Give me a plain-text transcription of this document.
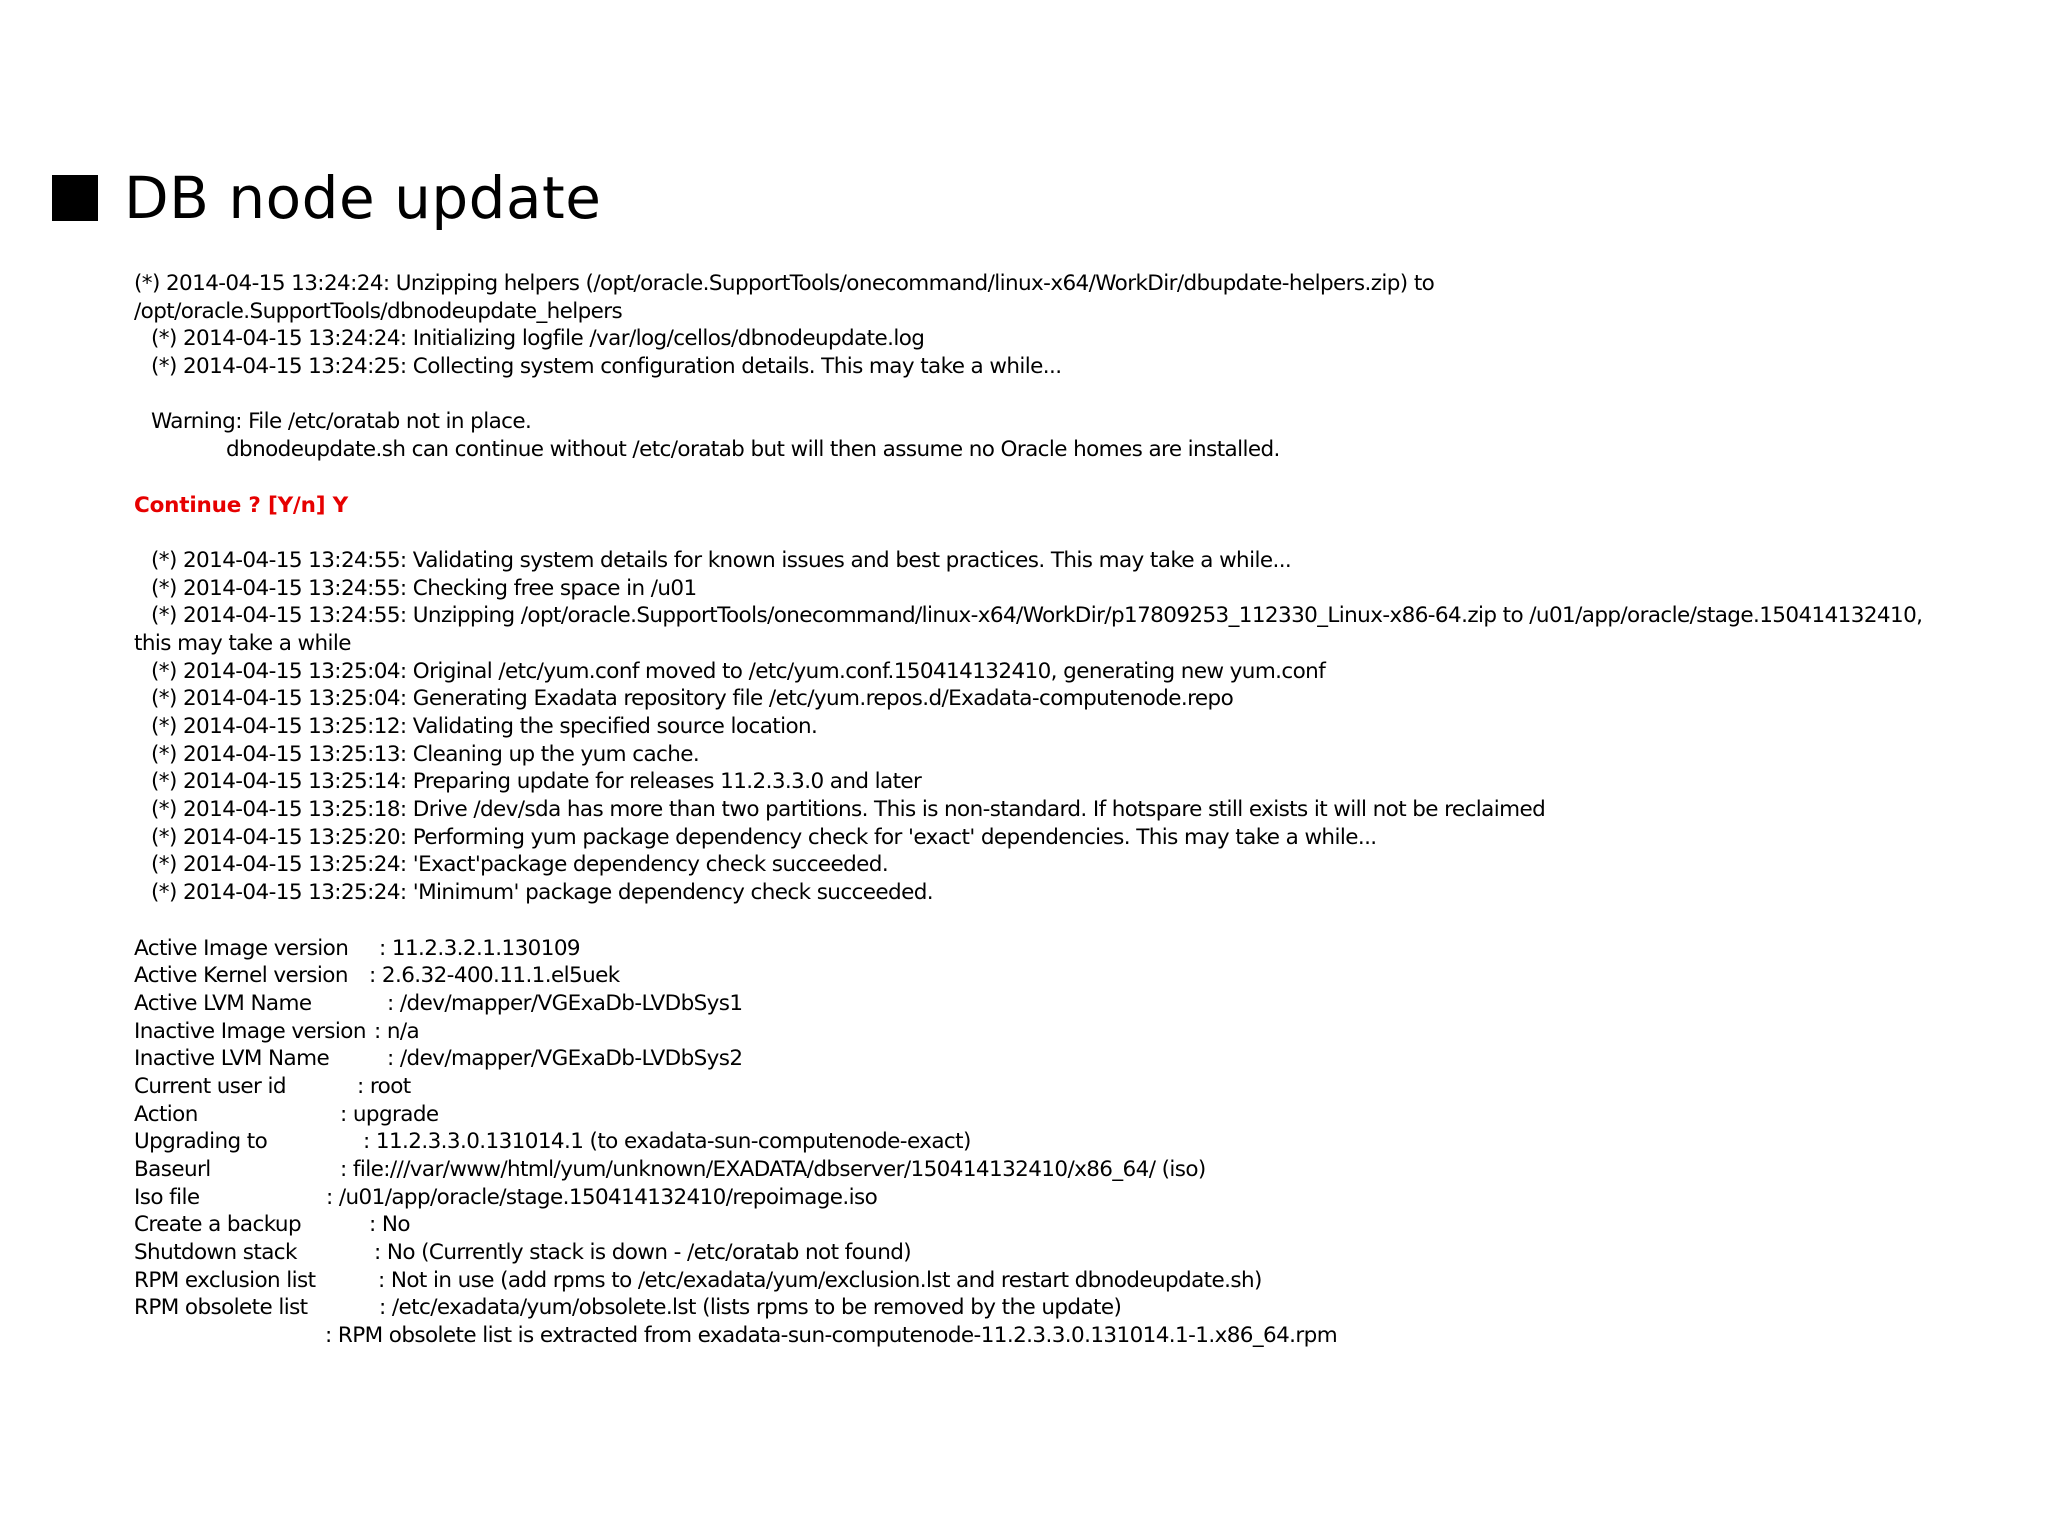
DB node update
(*) 2014-04-15 13:24:24: Unzipping helpers (/opt/oracle.SupportTools/onecommand/linux-x64/WorkDir/dbupdate-helpers.zip) to
/opt/oracle.SupportTools/dbnodeupdate_helpers
(*) 2014-04-15 13:24:24: Initializing logfile /var/log/cellos/dbnodeupdate.log
(*) 2014-04-15 13:24:25: Collecting system configuration details. This may take a while...
Warning: File /etc/oratab not in place.
dbnodeupdate.sh can continue without /etc/oratab but will then assume no Oracle homes are installed.
Continue ? [Y/n] Y
(*) 2014-04-15 13:24:55: Validating system details for known issues and best practices. This may take a while...
(*) 2014-04-15 13:24:55: Checking free space in /u01
(*) 2014-04-15 13:24:55: Unzipping /opt/oracle.SupportTools/onecommand/linux-x64/WorkDir/p17809253_112330_Linux-x86-64.zip to /u01/app/oracle/stage.150414132410,
this may take a while
(*) 2014-04-15 13:25:04: Original /etc/yum.conf moved to /etc/yum.conf.150414132410, generating new yum.conf
(*) 2014-04-15 13:25:04: Generating Exadata repository file /etc/yum.repos.d/Exadata-computenode.repo
(*) 2014-04-15 13:25:12: Validating the specified source location.
(*) 2014-04-15 13:25:13: Cleaning up the yum cache.
(*) 2014-04-15 13:25:14: Preparing update for releases 11.2.3.3.0 and later
(*) 2014-04-15 13:25:18: Drive /dev/sda has more than two partitions. This is non-standard. If hotspare still exists it will not be reclaimed
(*) 2014-04-15 13:25:20: Performing yum package dependency check for 'exact' dependencies. This may take a while...
(*) 2014-04-15 13:25:24: 'Exact'package dependency check succeeded.
(*) 2014-04-15 13:25:24: 'Minimum' package dependency check succeeded.
Active Image version	: 11.2.3.2.1.130109
Active Kernel version : 2.6.32-400.11.1.el5uek
Active LVM Name	: /dev/mapper/VGExaDb-LVDbSys1
Inactive Image version : n/a
Inactive LVM Name	: /dev/mapper/VGExaDb-LVDbSys2
Current user id	: root
Action	: upgrade
Upgrading to	: 11.2.3.3.0.131014.1 (to exadata-sun-computenode-exact)
Baseurl	: file:///var/www/html/yum/unknown/EXADATA/dbserver/150414132410/x86_64/ (iso)
Iso file	: /u01/app/oracle/stage.150414132410/repoimage.iso
Create a backup	: No
Shutdown stack	: No (Currently stack is down - /etc/oratab not found)
RPM exclusion list	: Not in use (add rpms to /etc/exadata/yum/exclusion.lst and restart dbnodeupdate.sh)
RPM obsolete list	: /etc/exadata/yum/obsolete.lst (lists rpms to be removed by the update)
: RPM obsolete list is extracted from exadata-sun-computenode-11.2.3.3.0.131014.1-1.x86_64.rpm
